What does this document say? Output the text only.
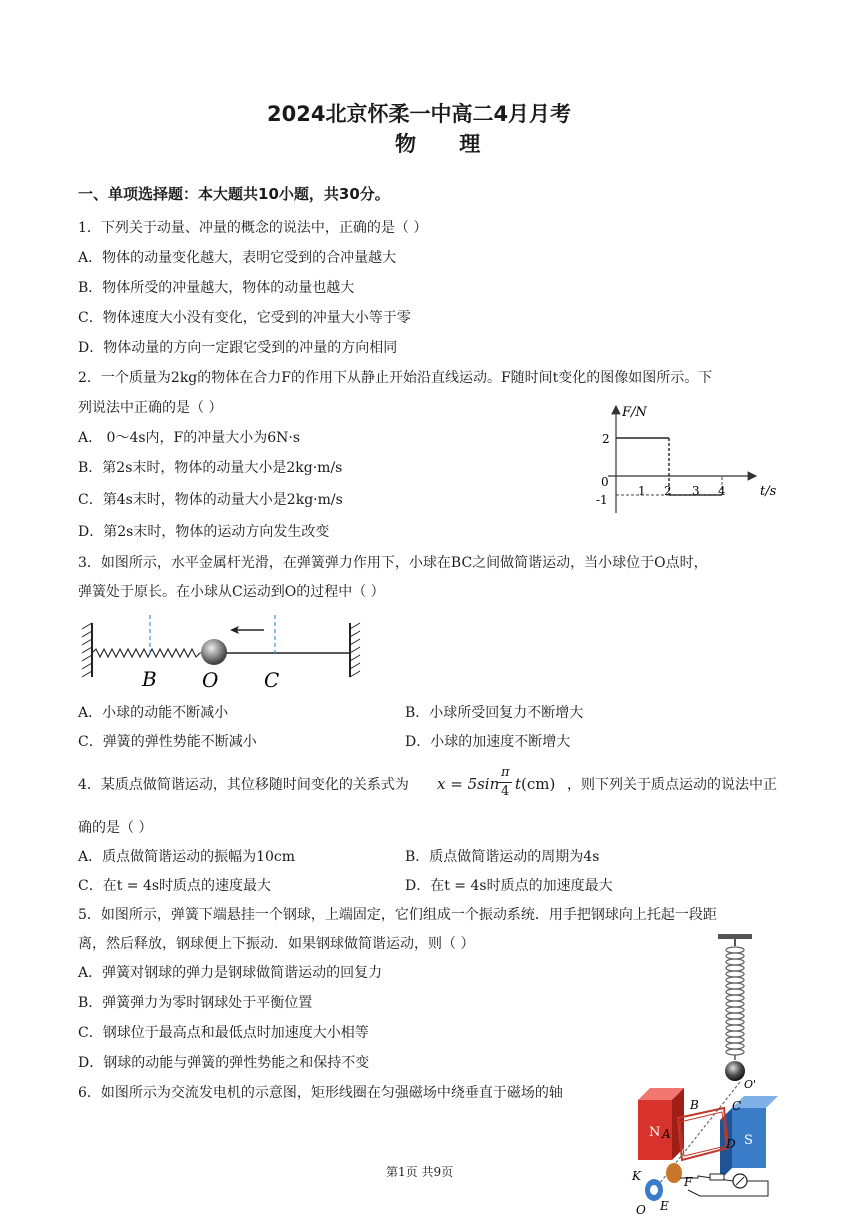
2024北京怀柔一中高二4月月考
物 理
一、单项选择题：本大题共10小题，共30分。
1．下列关于动量、冲量的概念的说法中，正确的是（ ）
A．物体的动量变化越大，表明它受到的合冲量越大
B．物体所受的冲量越大，物体的动量也越大
C．物体速度大小没有变化，它受到的冲量大小等于零
D．物体动量的方向一定跟它受到的冲量的方向相同
2．一个质量为2kg的物体在合力F的作用下从静止开始沿直线运动。F随时间t变化的图像如图所示。下
列说法中正确的是（ ）
A． 0～4s内，F的冲量大小为6N·s
B．第2s末时，物体的动量大小是2kg·m/s
C．第4s末时，物体的动量大小是2kg·m/s
D．第2s末时，物体的运动方向发生改变
F/N
t/s
0
2
-1
1 2 3 4
3．如图所示，水平金属杆光滑，在弹簧弹力作用下，小球在BC之间做简谐运动，当小球位于O点时，
弹簧处于原长。在小球从C运动到O的过程中（ ）
B O C
A．小球的动能不断减小	B．小球所受回复力不断增大
C．弹簧的弹性势能不断减小	D．小球的加速度不断增大
4．某质点做简谐运动，其位移随时间变化的关系式为 x = 5sin
π
4 t(cm) ，则下列关于质点运动的说法中正
确的是（ ）
A．质点做简谐运动的振幅为10cm	B．质点做简谐运动的周期为4s
C．在t = 4s时质点的速度最大	D．在t = 4s时质点的加速度最大
5．如图所示，弹簧下端悬挂一个钢球，上端固定，它们组成一个振动系统．用手把钢球向上托起一段距
离，然后释放，钢球便上下振动．如果钢球做简谐运动，则（ ）
A．弹簧对钢球的弹力是钢球做简谐运动的回复力
B．弹簧弹力为零时钢球处于平衡位置
C．钢球位于最高点和最低点时加速度大小相等
D．钢球的动能与弹簧的弹性势能之和保持不变
6．如图所示为交流发电机的示意图，矩形线圈在匀强磁场中绕垂直于磁场的轴
N
S
B
A
C
D
O'
K	F
E
O
第1页 共9页
